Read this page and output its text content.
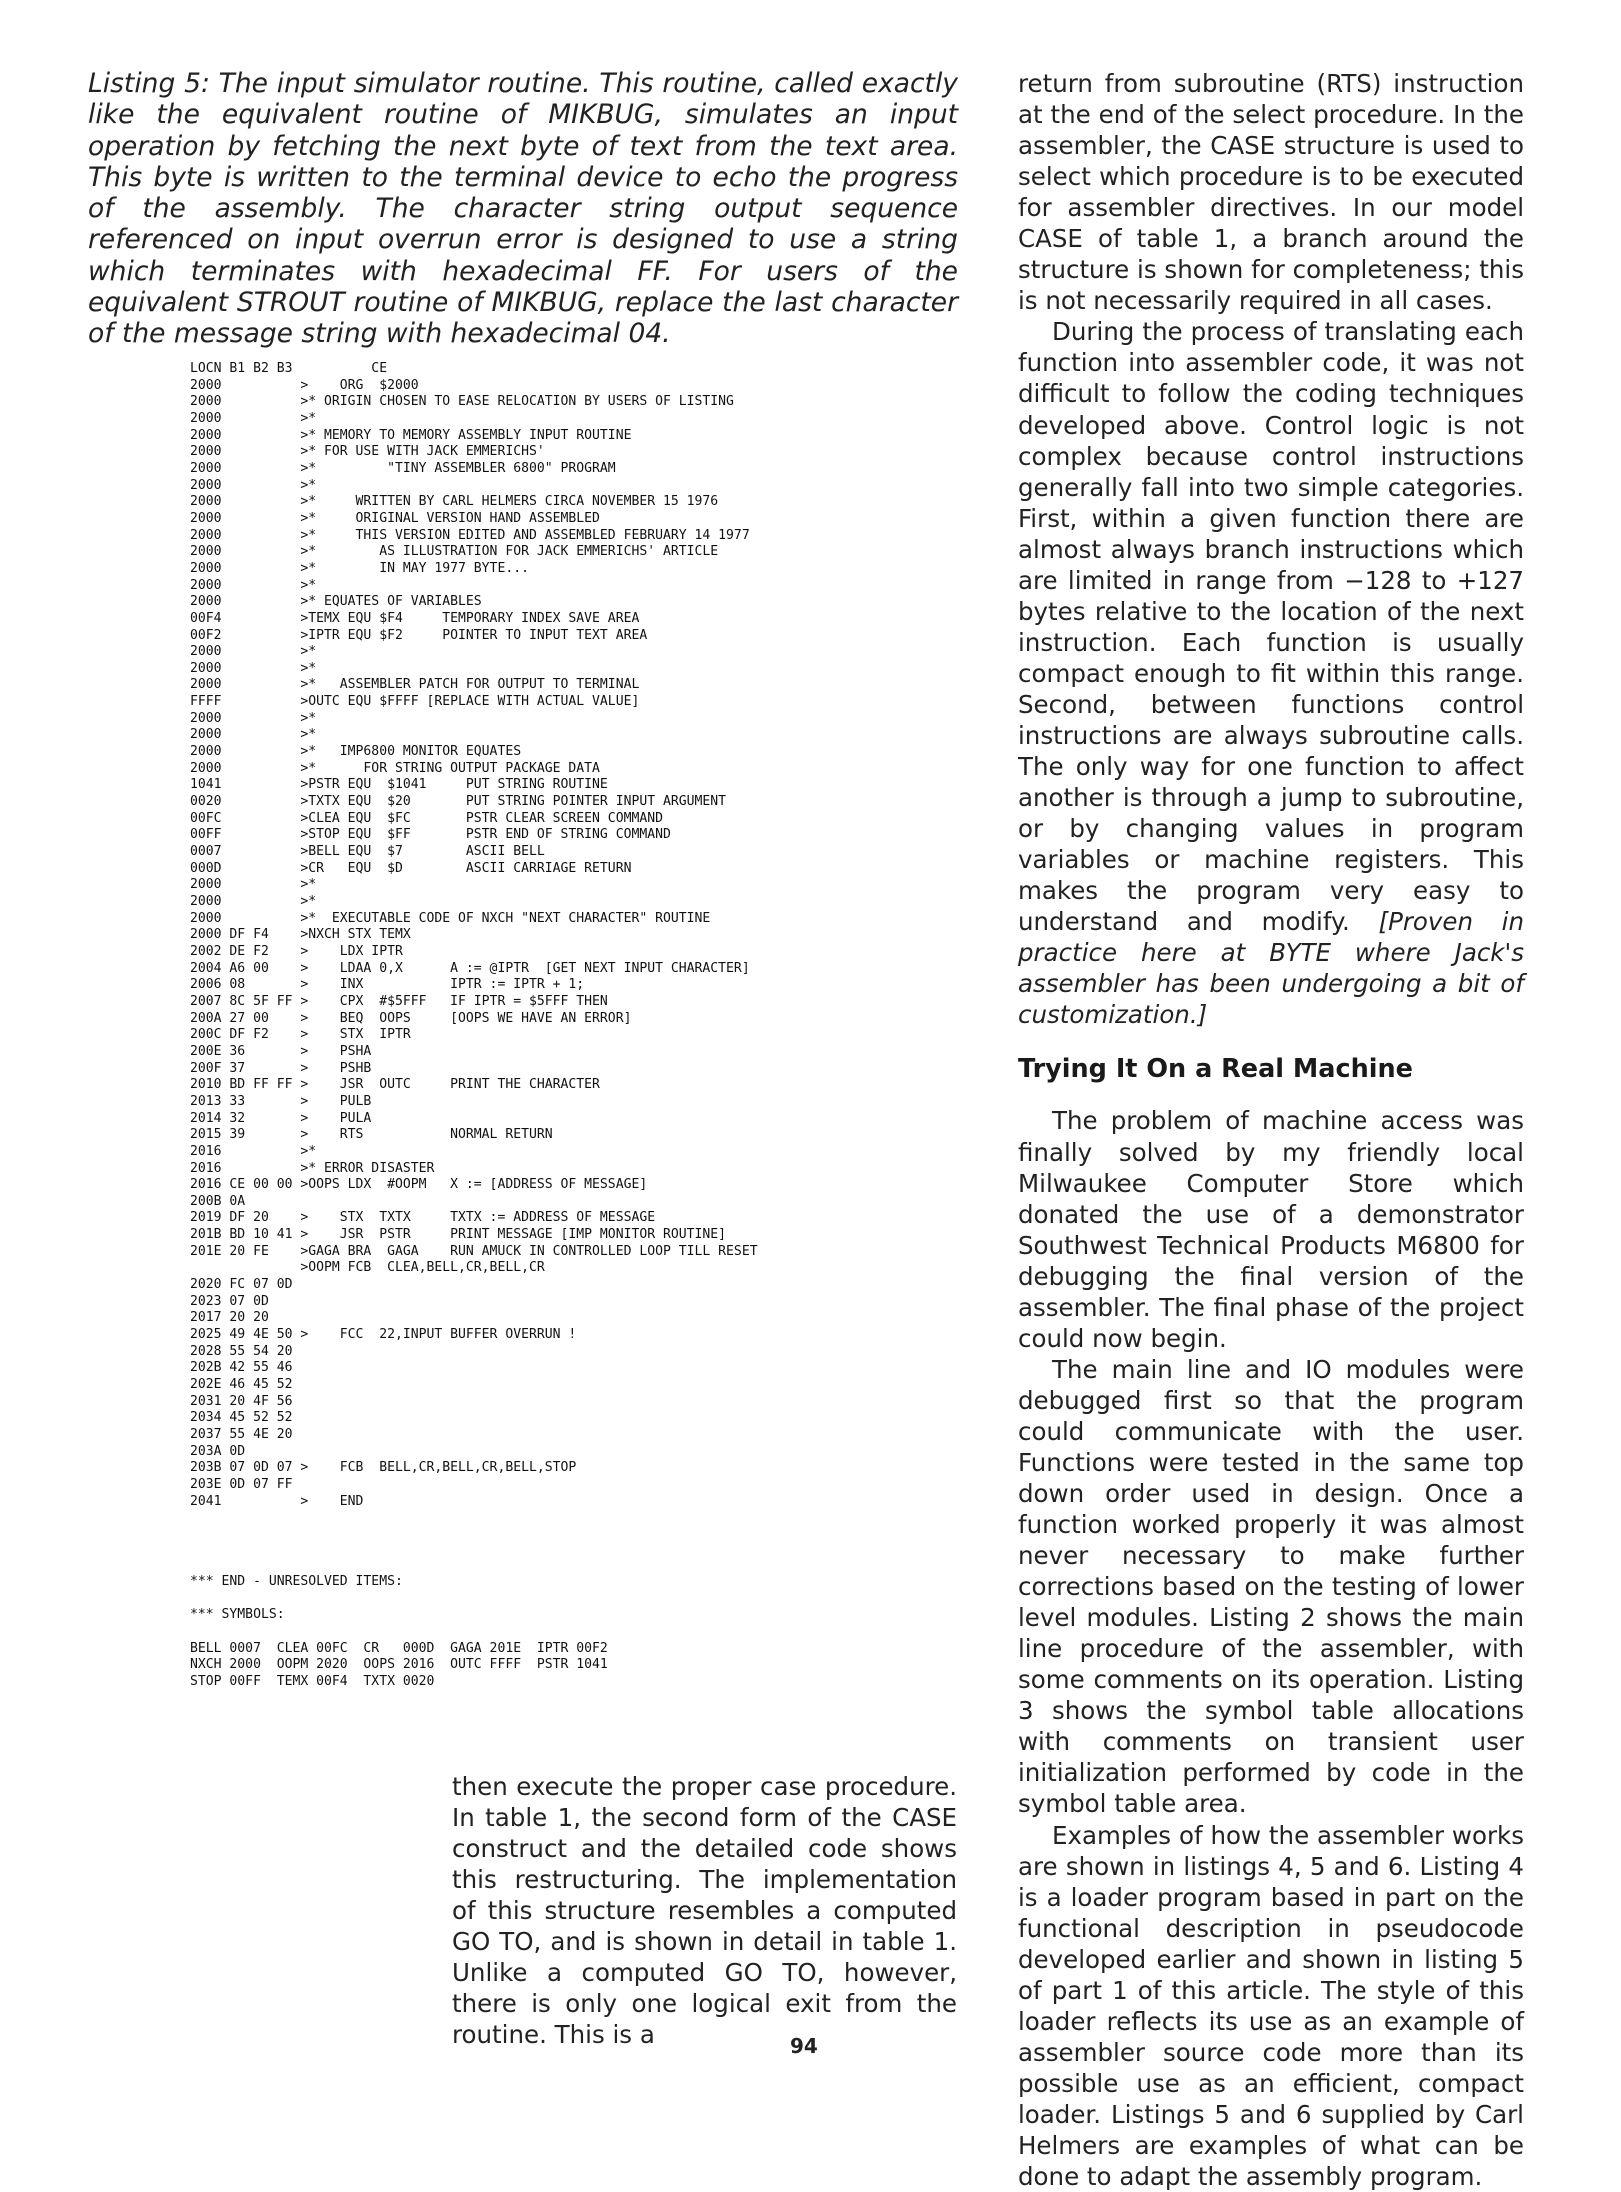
Listing 5: The input simulator routine. This routine, called exactly like the equivalent routine of MIKBUG, simulates an input operation by fetching the next byte of text from the text area. This byte is written to the terminal device to echo the progress of the assembly. The character string output sequence referenced on input overrun error is designed to use a string which terminates with hexadecimal FF. For users of the equivalent STROUT routine of MIKBUG, replace the last character of the message string with hexadecimal 04.

LOCN B1 B2 B3          CE
2000          >    ORG  $2000
2000          >* ORIGIN CHOSEN TO EASE RELOCATION BY USERS OF LISTING
2000          >*
2000          >* MEMORY TO MEMORY ASSEMBLY INPUT ROUTINE
2000          >* FOR USE WITH JACK EMMERICHS'
2000          >*         "TINY ASSEMBLER 6800" PROGRAM
2000          >*
2000          >*     WRITTEN BY CARL HELMERS CIRCA NOVEMBER 15 1976
2000          >*     ORIGINAL VERSION HAND ASSEMBLED
2000          >*     THIS VERSION EDITED AND ASSEMBLED FEBRUARY 14 1977
2000          >*        AS ILLUSTRATION FOR JACK EMMERICHS' ARTICLE
2000          >*        IN MAY 1977 BYTE...
2000          >*
2000          >* EQUATES OF VARIABLES
00F4          >TEMX EQU $F4     TEMPORARY INDEX SAVE AREA
00F2          >IPTR EQU $F2     POINTER TO INPUT TEXT AREA
2000          >*
2000          >*
2000          >*   ASSEMBLER PATCH FOR OUTPUT TO TERMINAL
FFFF          >OUTC EQU $FFFF [REPLACE WITH ACTUAL VALUE]
2000          >*
2000          >*
2000          >*   IMP6800 MONITOR EQUATES
2000          >*      FOR STRING OUTPUT PACKAGE DATA
1041          >PSTR EQU  $1041     PUT STRING ROUTINE
0020          >TXTX EQU  $20       PUT STRING POINTER INPUT ARGUMENT
00FC          >CLEA EQU  $FC       PSTR CLEAR SCREEN COMMAND
00FF          >STOP EQU  $FF       PSTR END OF STRING COMMAND
0007          >BELL EQU  $7        ASCII BELL
000D          >CR   EQU  $D        ASCII CARRIAGE RETURN
2000          >*
2000          >*
2000          >*  EXECUTABLE CODE OF NXCH "NEXT CHARACTER" ROUTINE
2000 DF F4    >NXCH STX TEMX
2002 DE F2    >    LDX IPTR
2004 A6 00    >    LDAA 0,X      A := @IPTR  [GET NEXT INPUT CHARACTER]
2006 08       >    INX           IPTR := IPTR + 1;
2007 8C 5F FF >    CPX  #$5FFF   IF IPTR = $5FFF THEN
200A 27 00    >    BEQ  OOPS     [OOPS WE HAVE AN ERROR]
200C DF F2    >    STX  IPTR
200E 36       >    PSHA
200F 37       >    PSHB
2010 BD FF FF >    JSR  OUTC     PRINT THE CHARACTER
2013 33       >    PULB
2014 32       >    PULA
2015 39       >    RTS           NORMAL RETURN
2016          >*
2016          >* ERROR DISASTER
2016 CE 00 00 >OOPS LDX  #OOPM   X := [ADDRESS OF MESSAGE]
200B 0A
2019 DF 20    >    STX  TXTX     TXTX := ADDRESS OF MESSAGE
201B BD 10 41 >    JSR  PSTR     PRINT MESSAGE [IMP MONITOR ROUTINE]
201E 20 FE    >GAGA BRA  GAGA    RUN AMUCK IN CONTROLLED LOOP TILL RESET
>OOPM FCB  CLEA,BELL,CR,BELL,CR
2020 FC 07 0D
2023 07 0D
2017 20 20
2025 49 4E 50 >    FCC  22,INPUT BUFFER OVERRUN !
2028 55 54 20
202B 42 55 46
202E 46 45 52
2031 20 4F 56
2034 45 52 52
2037 55 4E 20
203A 0D
203B 07 0D 07 >    FCB  BELL,CR,BELL,CR,BELL,STOP
203E 0D 07 FF
2041          >    END
*** END - UNRESOLVED ITEMS:

*** SYMBOLS:

BELL 0007  CLEA 00FC  CR   000D  GAGA 201E  IPTR 00F2
NXCH 2000  OOPM 2020  OOPS 2016  OUTC FFFF  PSTR 1041
STOP 00FF  TEMX 00F4  TXTX 0020

then execute the proper case procedure. In table 1, the second form of the CASE construct and the detailed code shows this restructuring. The implementation of this structure resembles a computed GO TO, and is shown in detail in table 1. Unlike a computed GO TO, however, there is only one logical exit from the routine. This is a

return from subroutine (RTS) instruction at the end of the select procedure. In the assembler, the CASE structure is used to select which procedure is to be executed for assembler directives. In our model CASE of table 1, a branch around the structure is shown for completeness; this is not necessarily required in all cases.

During the process of translating each function into assembler code, it was not difficult to follow the coding techniques developed above. Control logic is not complex because control instructions generally fall into two simple categories. First, within a given function there are almost always branch instructions which are limited in range from −128 to +127 bytes relative to the location of the next instruction. Each function is usually compact enough to fit within this range. Second, between functions control instructions are always subroutine calls. The only way for one function to affect another is through a jump to subroutine, or by changing values in program variables or machine registers. This makes the program very easy to understand and modify. [Proven in practice here at BYTE where Jack's assembler has been undergoing a bit of customization.]

Trying It On a Real Machine

The problem of machine access was finally solved by my friendly local Milwaukee Computer Store which donated the use of a demonstrator Southwest Technical Products M6800 for debugging the final version of the assembler. The final phase of the project could now begin.

The main line and IO modules were debugged first so that the program could communicate with the user. Functions were tested in the same top down order used in design. Once a function worked properly it was almost never necessary to make further corrections based on the testing of lower level modules. Listing 2 shows the main line procedure of the assembler, with some comments on its operation. Listing 3 shows the symbol table allocations with comments on transient user initialization performed by code in the symbol table area.

Examples of how the assembler works are shown in listings 4, 5 and 6. Listing 4 is a loader program based in part on the functional description in pseudocode developed earlier and shown in listing 5 of part 1 of this article. The style of this loader reflects its use as an example of assembler source code more than its possible use as an efficient, compact loader. Listings 5 and 6 supplied by Carl Helmers are examples of what can be done to adapt the assembly program.

94
